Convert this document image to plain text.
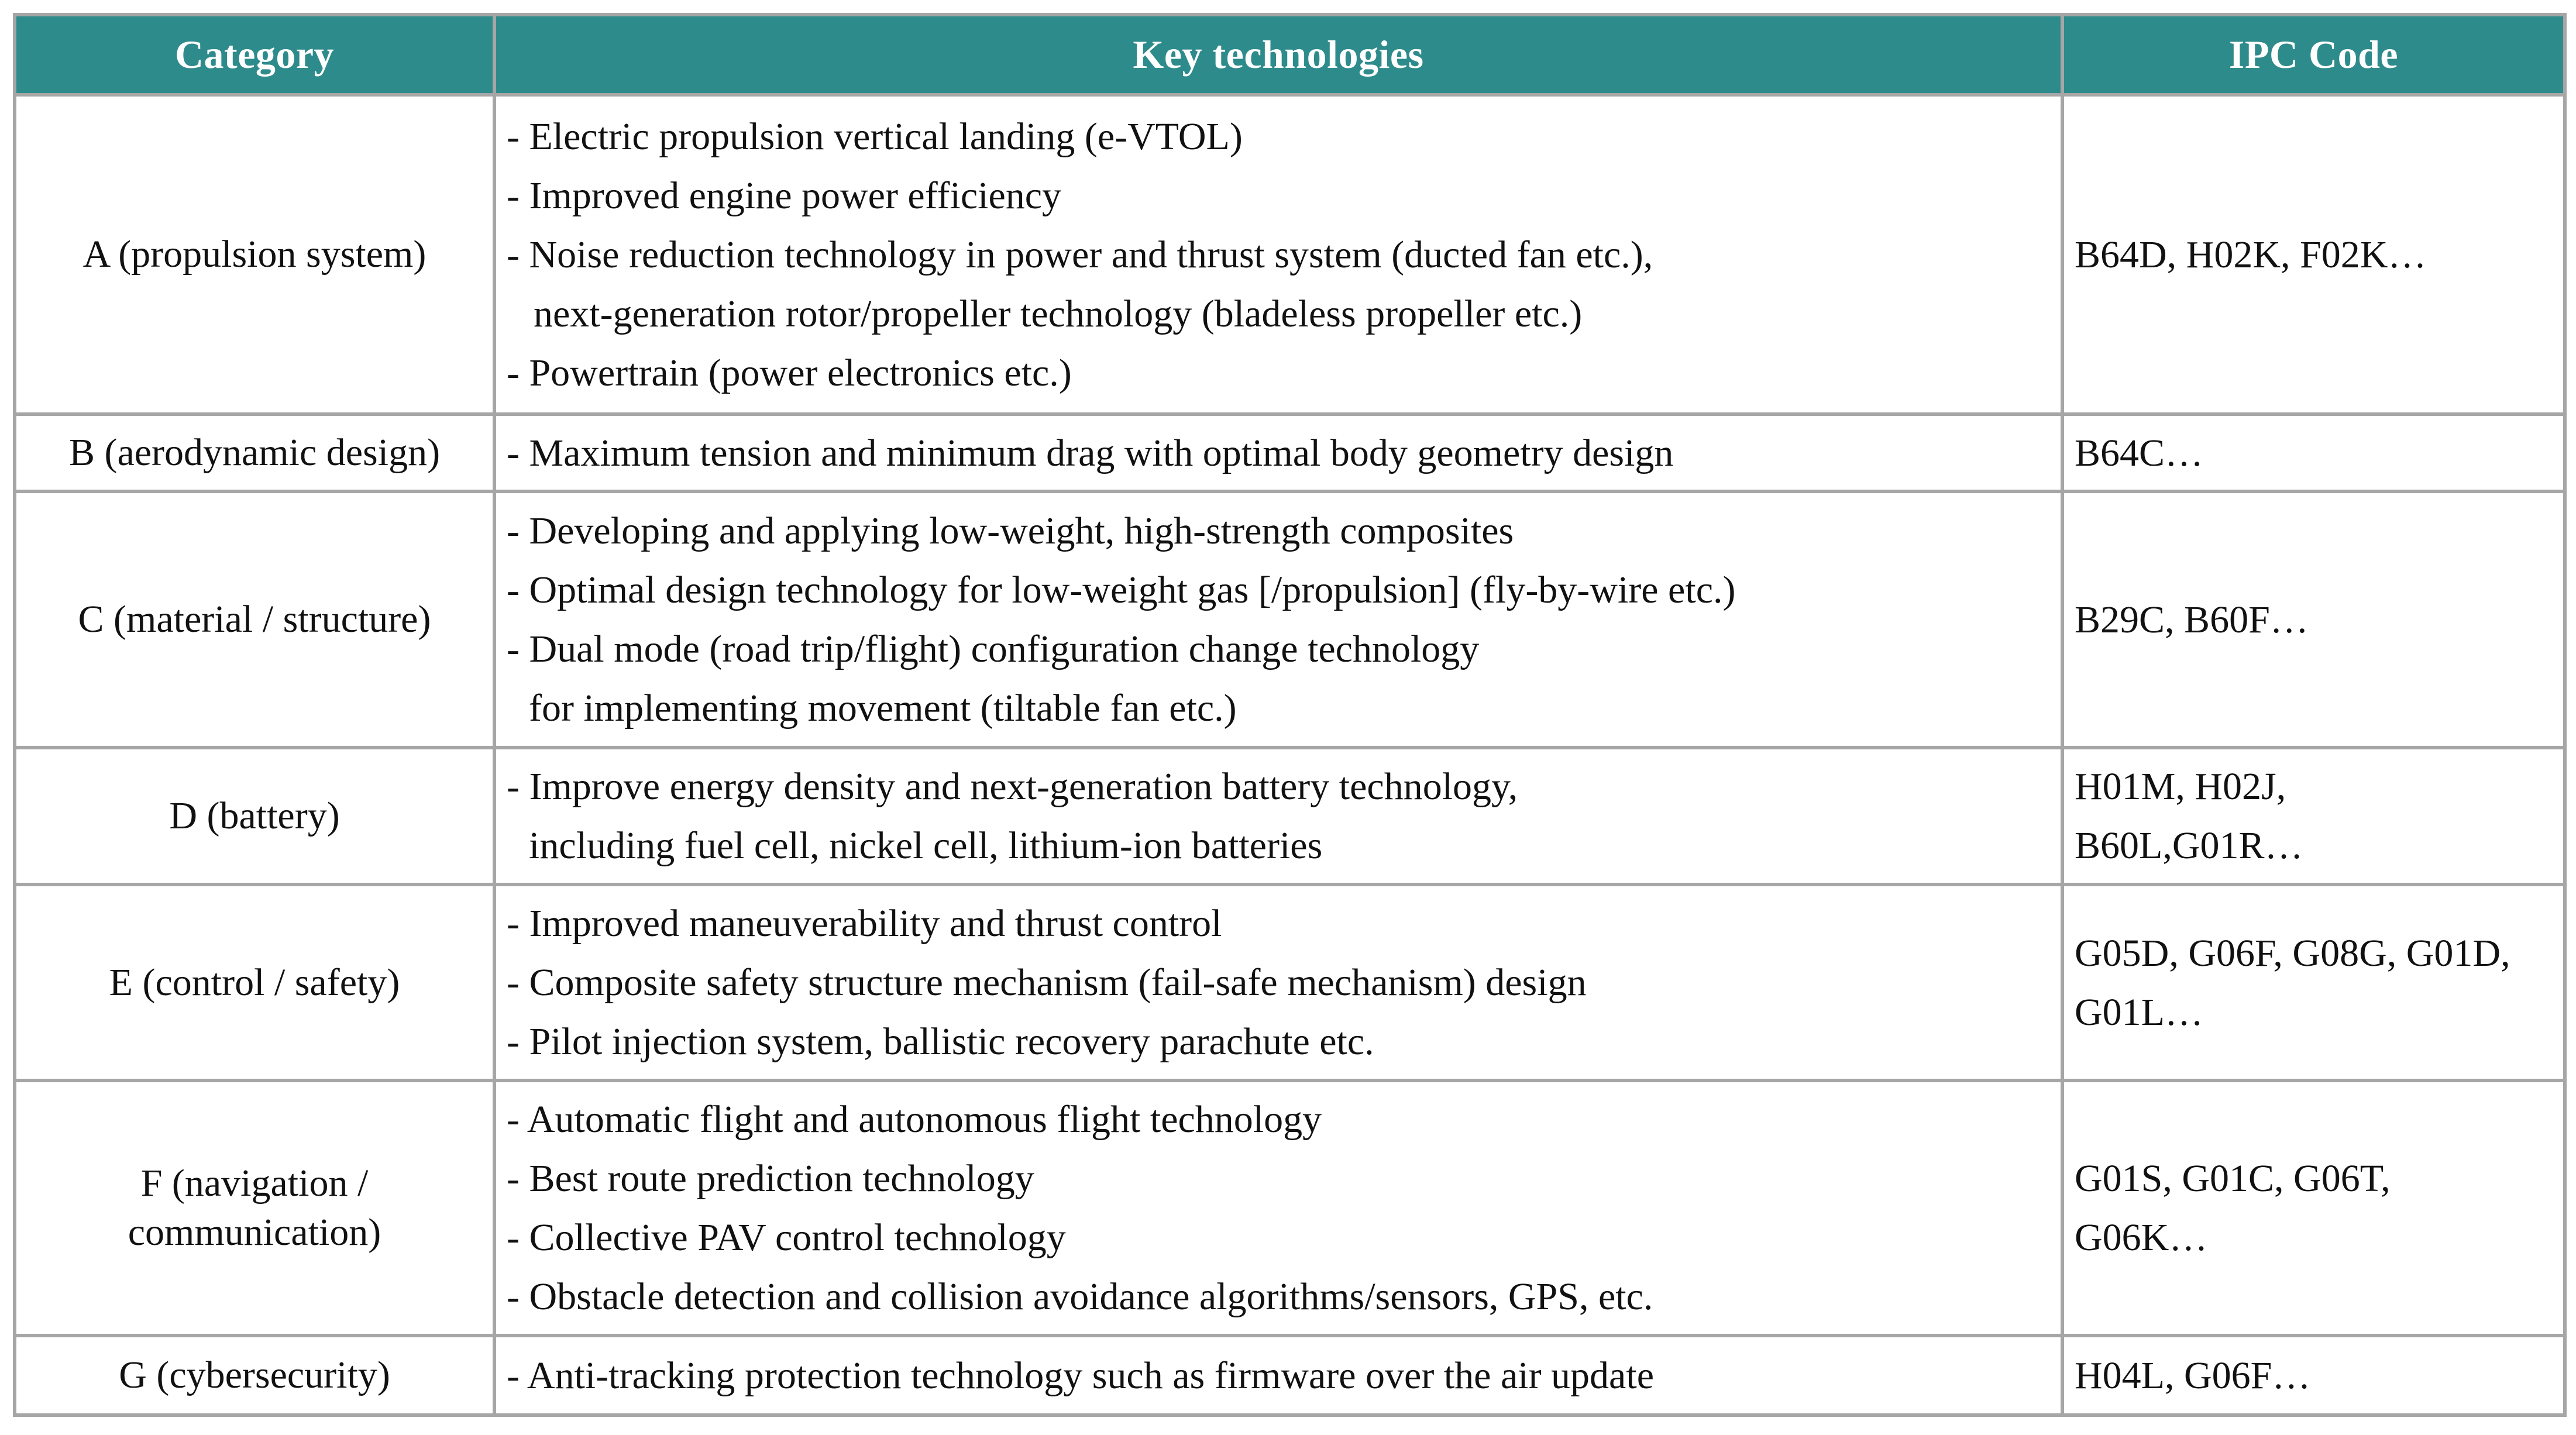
Category	Key technologies	IPC Code

A (propulsion system)	- Electric propulsion vertical landing (e-VTOL)
- Improved engine power efficiency
- Noise reduction technology in power and thrust system (ducted fan etc.),
next-generation rotor/propeller technology (bladeless propeller etc.)
- Powertrain (power electronics etc.)	B64D, H02K, F02K…

B (aerodynamic design)	- Maximum tension and minimum drag with optimal body geometry design	B64C…

C (material / structure)	- Developing and applying low-weight, high-strength composites
- Optimal design technology for low-weight gas [/propulsion] (fly-by-wire etc.)
- Dual mode (road trip/flight) configuration change technology
for implementing movement (tiltable fan etc.)	B29C, B60F…

D (battery)	- Improve energy density and next-generation battery technology,
including fuel cell, nickel cell, lithium-ion batteries	H01M, H02J,
B60L,G01R…

E (control / safety)	- Improved maneuverability and thrust control
- Composite safety structure mechanism (fail-safe mechanism) design
- Pilot injection system, ballistic recovery parachute etc.	G05D, G06F, G08G, G01D,
G01L…

F (navigation /
communication)	- Automatic flight and autonomous flight technology
- Best route prediction technology
- Collective PAV control technology
- Obstacle detection and collision avoidance algorithms/sensors, GPS, etc.	G01S, G01C, G06T,
G06K…

G (cybersecurity)	- Anti-tracking protection technology such as firmware over the air update	H04L, G06F…
